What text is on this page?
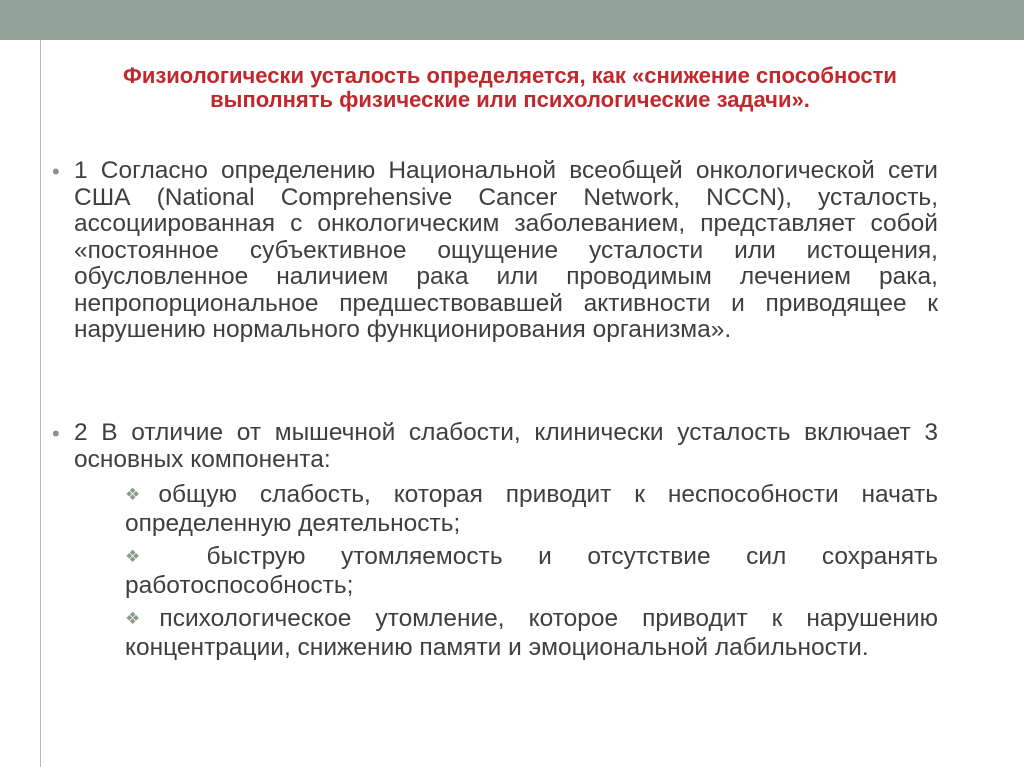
Физиологически усталость определяется, как «снижение способности выполнять физические или психологические задачи».

• 1 Согласно определению Национальной всеобщей онкологической сети США (National Comprehensive Cancer Network, NCCN), усталость, ассоциированная с онкологическим заболеванием, представляет собой «постоянное субъективное ощущение усталости или истощения, обусловленное наличием рака или проводимым лечением рака, непропорциональное предшествовавшей активности и приводящее к нарушению нормального функционирования организма».

• 2 В отличие от мышечной слабости, клинически усталость включает 3 основных компонента:

❖общую слабость, которая приводит к неспособности начать определенную деятельность;

❖ быструю утомляемость и отсутствие сил сохранять работоспособность;

❖психологическое утомление, которое приводит к нарушению концентрации, снижению памяти и эмоциональной лабильности.
